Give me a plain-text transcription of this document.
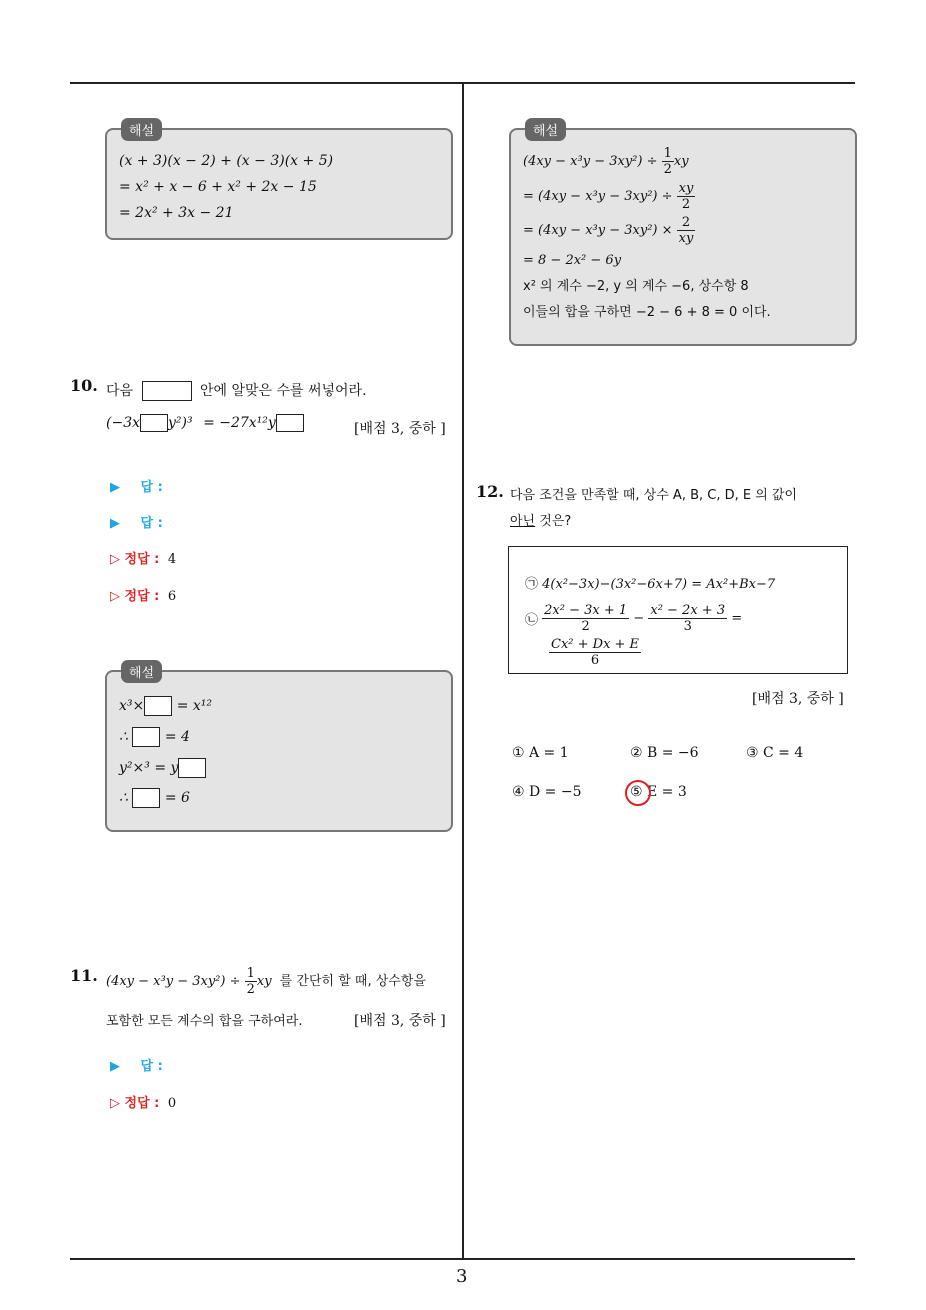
해설
(x + 3)(x − 2) + (x − 3)(x + 5)
= x² + x − 6 + x² + 2x − 15
= 2x² + 3x − 21
10. 다음	안에 알맞은 수를 써넣어라.
(−3x y²)³ = −27x¹²y	[배점 3, 중하 ]
▶ 답 :
▶ 답 :
▷ 정답 : 4
▷ 정답 : 6
해설
x³× = x¹²
∴	= 4
y²×³ = y
∴	= 6
11. $(4xy - x^3y - 3xy^2) \div \frac{1}{2}$ xy 를 간단히 할 때, 상수항을
포함한 모든 계수의 합을 구하여라.	[배점 3, 중하 ]
▶ 답 :
▷ 정답 : 0
해설
$(4xy - x^3y - 3xy^2) \div \frac{1}{2}$ xy
= $(4xy - x^3y - 3xy^2) \div \frac{xy}{2}$
= $(4xy - x^3y - 3xy^2) \times \frac{2}{xy}$
= 8 − 2x² − 6y
x² 의 계수 −2, y 의 계수 −6, 상수항 8
이들의 합을 구하면 −2 − 6 + 8 = 0 이다.
12. 다음 조건을 만족할 때, 상수 A, B, C, D, E 의 값이
아닌 것은?
㉠ 4(x²−3x)−(3x²−6x+7) = Ax²+Bx−7
㉡ $\frac{\text{2x² − 3x + 1}}{2} - \frac{\text{x² − 2x + 3}}{3}$ =
$\frac{\text{Cx² + Dx + E}}{6}$
[배점 3, 중하 ]
① A = 1	② B = −6	③ C = 4
④ D = −5	⑤ E = 3
3
